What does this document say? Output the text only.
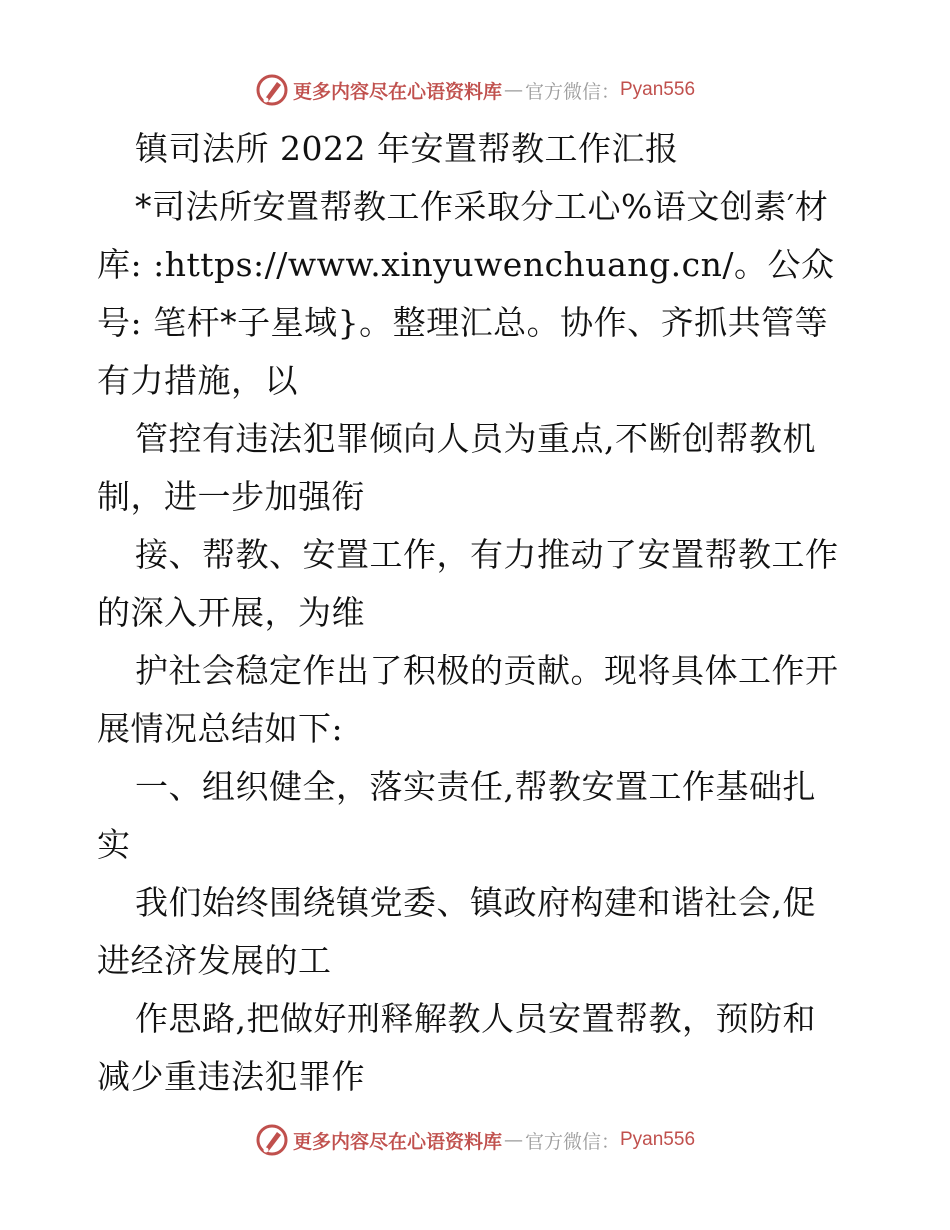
更多内容尽在心语资料库 — 官方微信： Pyan556
镇司法所 2022 年安置帮教工作汇报
*司法所安置帮教工作采取分工心%语文创素′材
库: :https://www.xinyuwenchuang.cn/。公众
号: 笔杆*子星域}。整理汇总。协作、齐抓共管等
有力措施，以
管控有违法犯罪倾向人员为重点,不断创帮教机
制，进一步加强衔
接、帮教、安置工作，有力推动了安置帮教工作
的深入开展，为维
护社会稳定作出了积极的贡献。现将具体工作开
展情况总结如下:
一、组织健全，落实责任,帮教安置工作基础扎
实
我们始终围绕镇党委、镇政府构建和谐社会,促
进经济发展的工
作思路,把做好刑释解教人员安置帮教，预防和
减少重违法犯罪作
更多内容尽在心语资料库 — 官方微信： Pyan556
